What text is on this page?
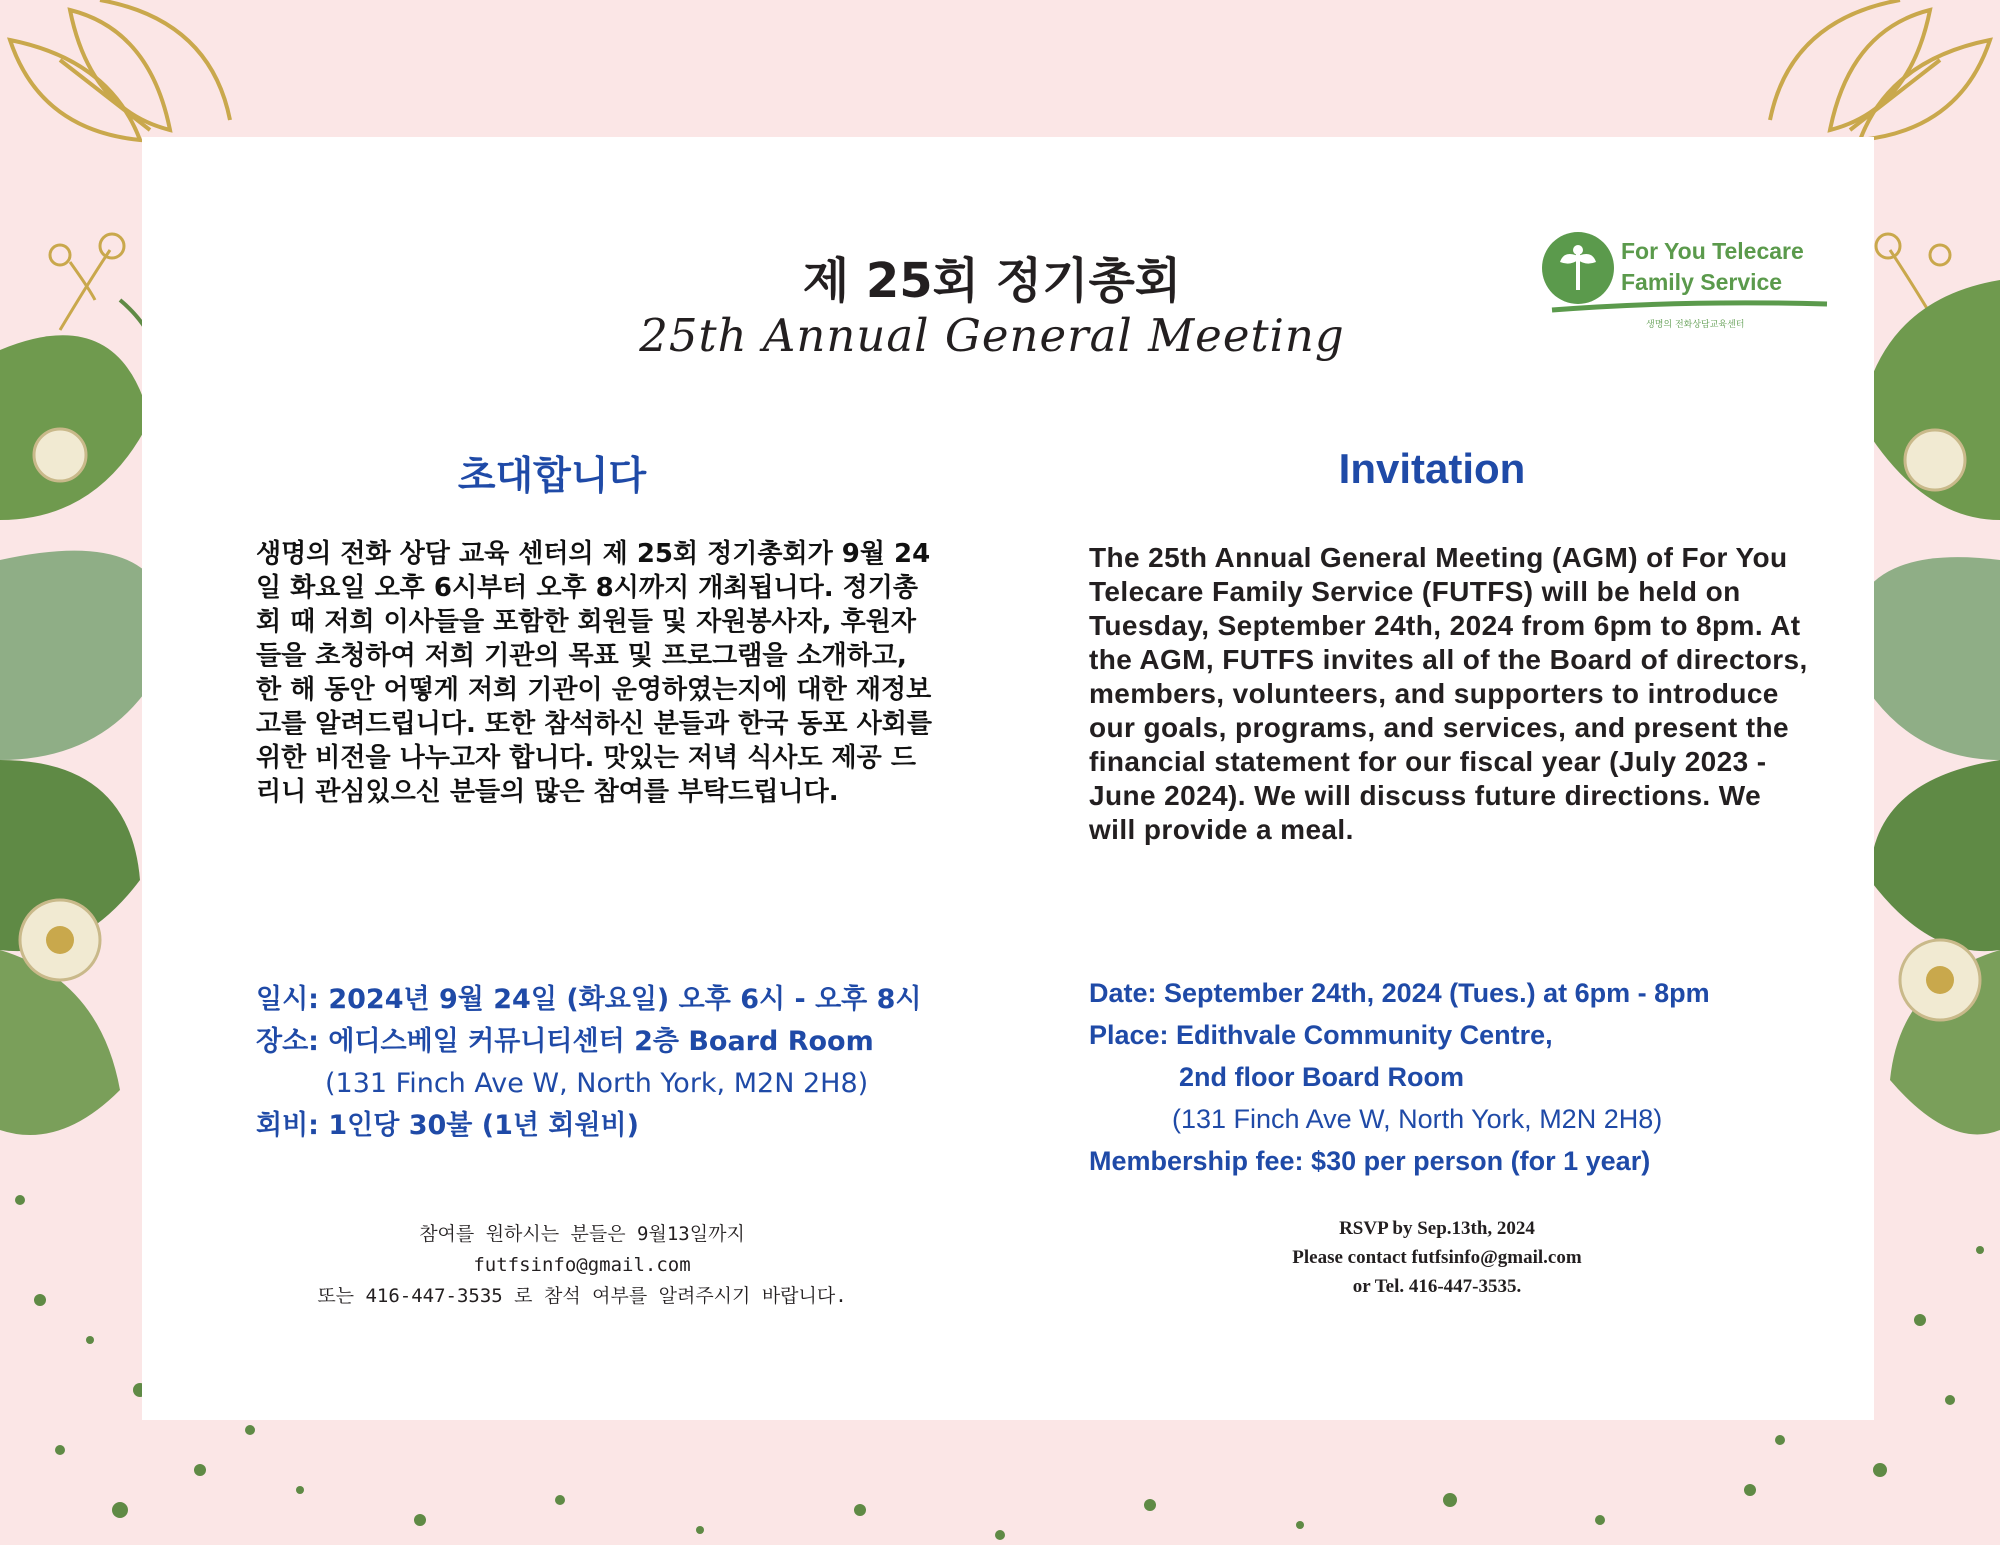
제 25회 정기총회
25th Annual General Meeting
For You Telecare
Family Service
생명의 전화상담교육센터
초대합니다	Invitation
생명의 전화 상담 교육 센터의 제 25회 정기총회가 9월 24일 화요일 오후 6시부터 오후 8시까지 개최됩니다. 정기총회 때 저희 이사들을 포함한 회원들 및 자원봉사자, 후원자들을 초청하여 저희 기관의 목표 및 프로그램을 소개하고, 한 해 동안 어떻게 저희 기관이 운영하였는지에 대한 재정보고를 알려드립니다. 또한 참석하신 분들과 한국 동포 사회를 위한 비전을 나누고자 합니다. 맛있는 저녁 식사도 제공 드리니 관심있으신 분들의 많은 참여를 부탁드립니다.
The 25th Annual General Meeting (AGM) of For You Telecare Family Service (FUTFS) will be held on Tuesday, September 24th, 2024 from 6pm to 8pm. At the AGM, FUTFS invites all of the Board of directors, members, volunteers, and supporters to introduce our goals, programs, and services, and present the financial statement for our fiscal year (July 2023 - June 2024). We will discuss future directions. We will provide a meal.
일시: 2024년 9월 24일 (화요일) 오후 6시 - 오후 8시
장소: 에디스베일 커뮤니티센터 2층 Board Room
(131 Finch Ave W, North York, M2N 2H8)
회비: 1인당 30불 (1년 회원비)
Date: September 24th, 2024 (Tues.) at 6pm - 8pm
Place: Edithvale Community Centre,
2nd floor Board Room
(131 Finch Ave W, North York, M2N 2H8)
Membership fee: $30 per person (for 1 year)
참여를 원하시는 분들은 9월13일까지
futfsinfo@gmail.com
또는 416-447-3535 로 참석 여부를 알려주시기 바랍니다.
RSVP by Sep.13th, 2024
Please contact futfsinfo@gmail.com
or Tel. 416-447-3535.
